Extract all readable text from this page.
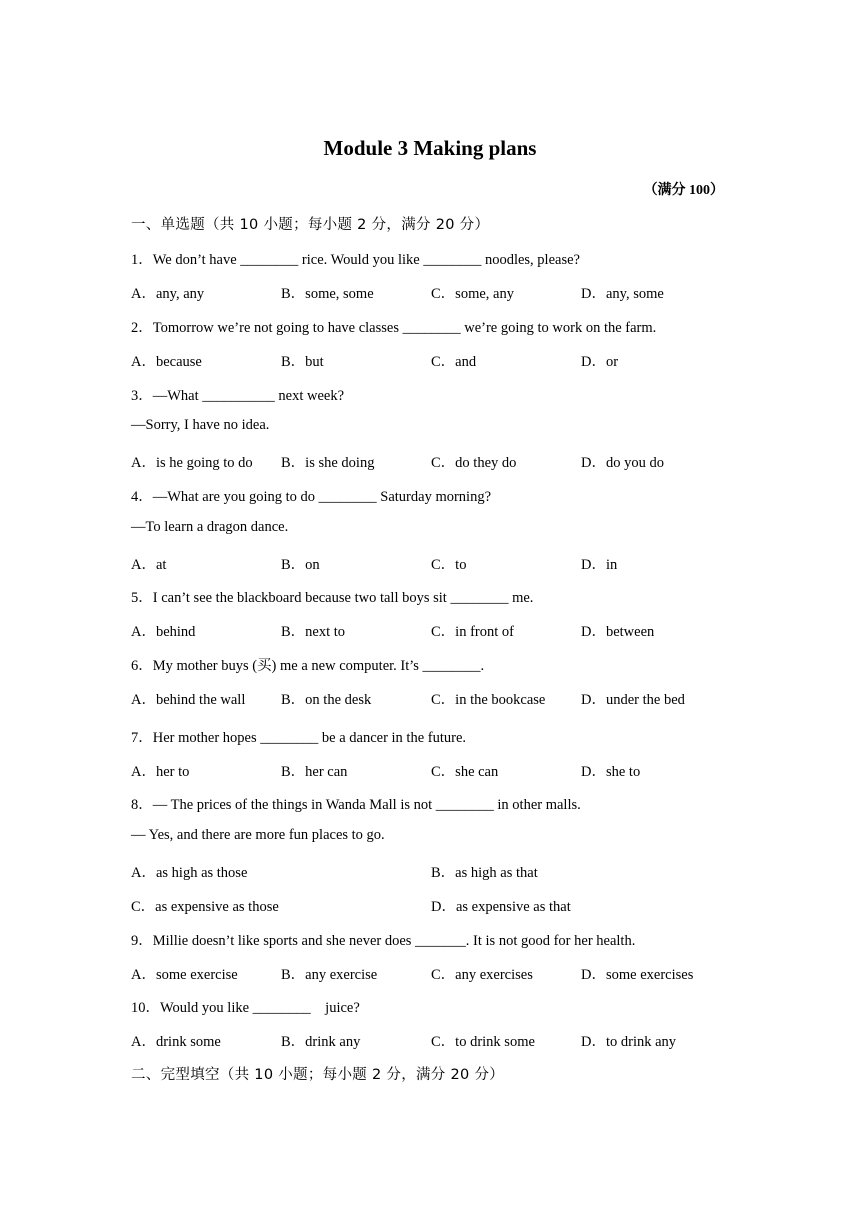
Module 3 Making plans
（满分 100）
一、单选题（共 10 小题；每小题 2 分，满分 20 分）
1．We don’t have ________ rice. Would you like ________ noodles, please?
A．any, any	B．some, some	C．some, any	D．any, some
2．Tomorrow we’re not going to have classes ________ we’re going to work on the farm.
A．because	B．but	C．and	D．or
3．—What __________ next week?
—Sorry, I have no idea.
A．is he going to do B．is she doing	C．do they do	D．do you do
4．—What are you going to do ________ Saturday morning?
—To learn a dragon dance.
A．at	B．on	C．to	D．in
5．I can’t see the blackboard because two tall boys sit ________ me.
A．behind	B．next to	C．in front of	D．between
6．My mother buys (买) me a new computer. It’s ________.
A．behind the wall B．on the desk	C．in the bookcase D．under the bed
7．Her mother hopes ________ be a dancer in the future.
A．her to	B．her can	C．she can	D．she to
8．— The prices of the things in Wanda Mall is not ________ in other malls.
— Yes, and there are more fun places to go.
A．as high as those	B．as high as that
C．as expensive as those	D．as expensive as that
9．Millie doesn’t like sports and she never does _______. It is not good for her health.
A．some exercise	B．any exercise	C．any exercises	D．some exercises
10．Would you like ________    juice?
A．drink some	B．drink any	C．to drink some	D．to drink any
二、完型填空（共 10 小题；每小题 2 分，满分 20 分）
